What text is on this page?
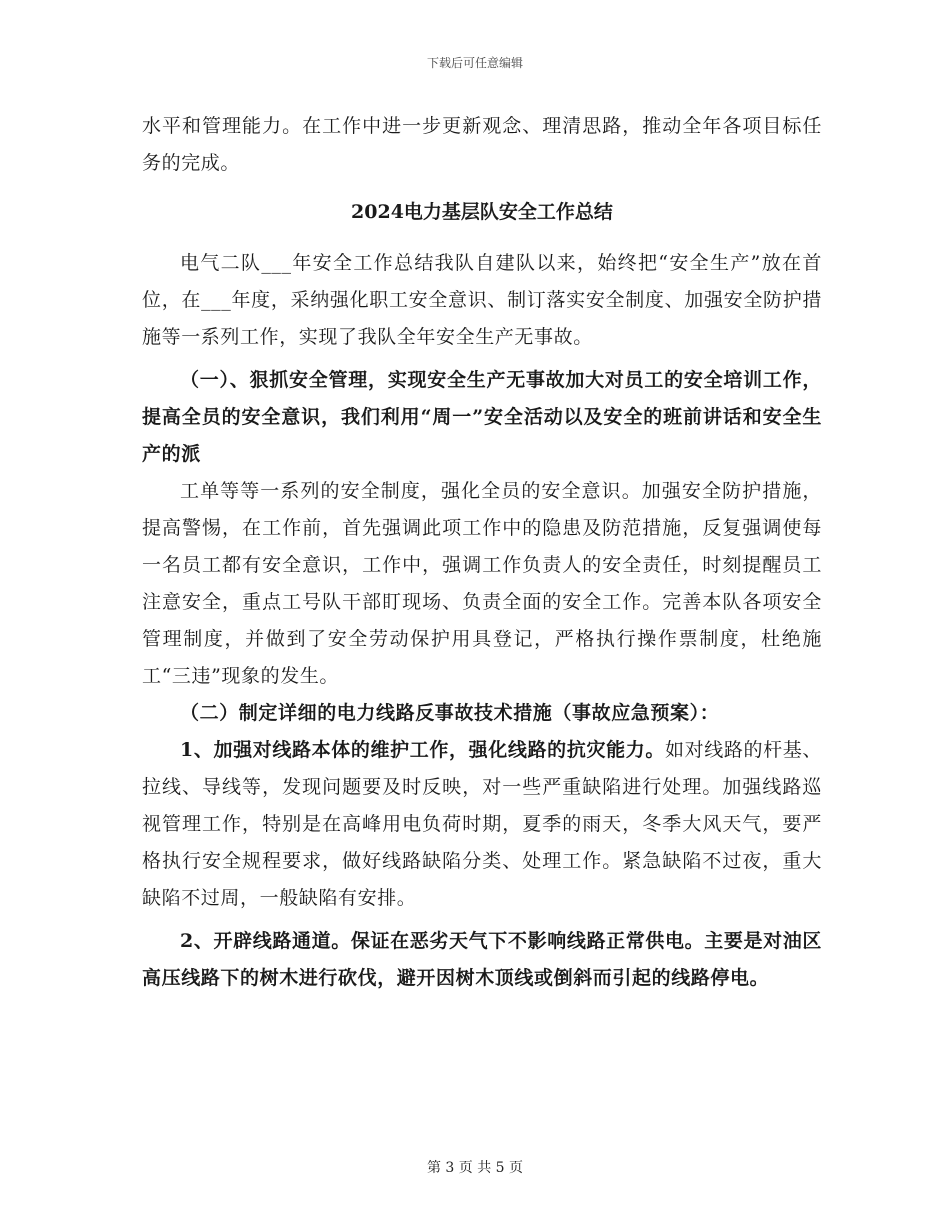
下载后可任意编辑

水平和管理能力。在工作中进一步更新观念、理清思路，推动全年各项目标任务的完成。

2024电力基层队安全工作总结

电气二队___年安全工作总结我队自建队以来，始终把“安全生产”放在首位，在___年度，采纳强化职工安全意识、制订落实安全制度、加强安全防护措施等一系列工作，实现了我队全年安全生产无事故。

（一）、狠抓安全管理，实现安全生产无事故加大对员工的安全培训工作，提高全员的安全意识，我们利用“周一”安全活动以及安全的班前讲话和安全生产的派

工单等等一系列的安全制度，强化全员的安全意识。加强安全防护措施，提高警惕，在工作前，首先强调此项工作中的隐患及防范措施，反复强调使每一名员工都有安全意识，工作中，强调工作负责人的安全责任，时刻提醒员工注意安全，重点工号队干部盯现场、负责全面的安全工作。完善本队各项安全管理制度，并做到了安全劳动保护用具登记，严格执行操作票制度，杜绝施工“三违”现象的发生。

（二）制定详细的电力线路反事故技术措施（事故应急预案）：

1、加强对线路本体的维护工作，强化线路的抗灾能力。如对线路的杆基、拉线、导线等，发现问题要及时反映，对一些严重缺陷进行处理。加强线路巡视管理工作，特别是在高峰用电负荷时期，夏季的雨天，冬季大风天气，要严格执行安全规程要求，做好线路缺陷分类、处理工作。紧急缺陷不过夜，重大缺陷不过周，一般缺陷有安排。

2、开辟线路通道。保证在恶劣天气下不影响线路正常供电。主要是对油区高压线路下的树木进行砍伐，避开因树木顶线或倒斜而引起的线路停电。

第 3 页 共 5 页
